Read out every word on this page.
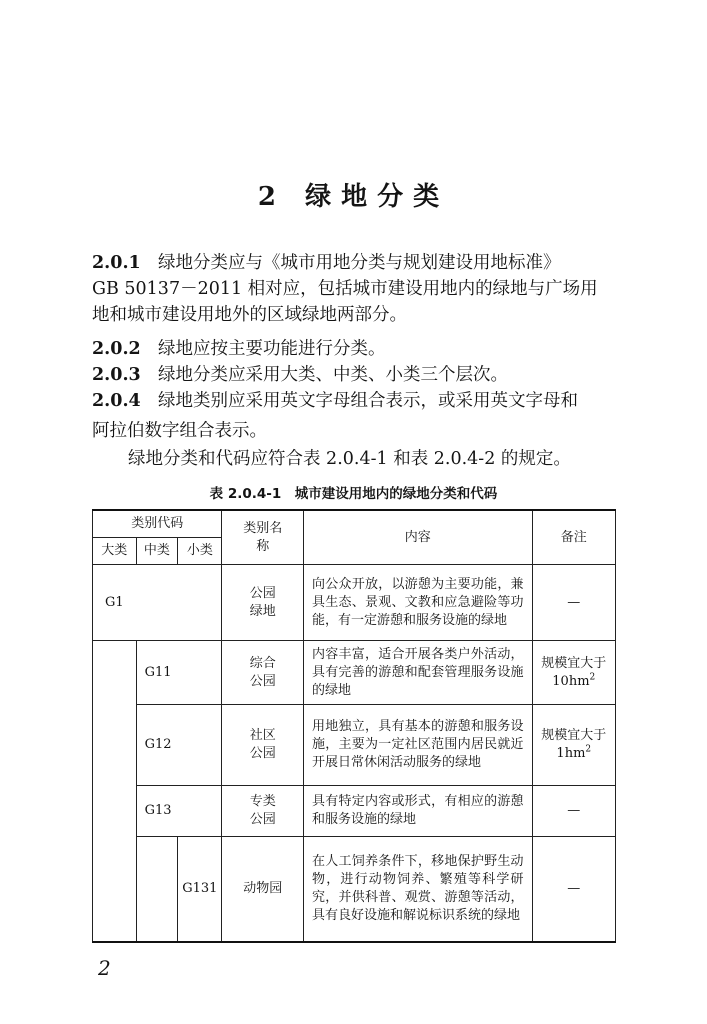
2 绿地分类
2.0.1 绿地分类应与《城市用地分类与规划建设用地标准》
GB 50137－2011 相对应，包括城市建设用地内的绿地与广场用
地和城市建设用地外的区域绿地两部分。
2.0.2 绿地应按主要功能进行分类。
2.0.3 绿地分类应采用大类、中类、小类三个层次。
2.0.4 绿地类别应采用英文字母组合表示，或采用英文字母和
阿拉伯数字组合表示。
绿地分类和代码应符合表 2.0.4-1 和表 2.0.4-2 的规定。
表 2.0.4-1　城市建设用地内的绿地分类和代码
类别代码			类别名称	内容	备注
大类	中类	小类			
G1			公园绿地	向公众开放，以游憩为主要功能，兼具生态、景观、文教和应急避险等功能，有一定游憩和服务设施的绿地	—
	G11		综合公园	内容丰富，适合开展各类户外活动，具有完善的游憩和配套管理服务设施的绿地	规模宜大于 $10hm^2$
	G12		社区公园	用地独立，具有基本的游憩和服务设施，主要为一定社区范围内居民就近开展日常休闲活动服务的绿地	规模宜大于 $1hm^2$
	G13		专类公园	具有特定内容或形式，有相应的游憩和服务设施的绿地	—
		G131	动物园	在人工饲养条件下，移地保护野生动物，进行动物饲养、繁殖等科学研究，并供科普、观赏、游憩等活动，具有良好设施和解说标识系统的绿地	—
2
